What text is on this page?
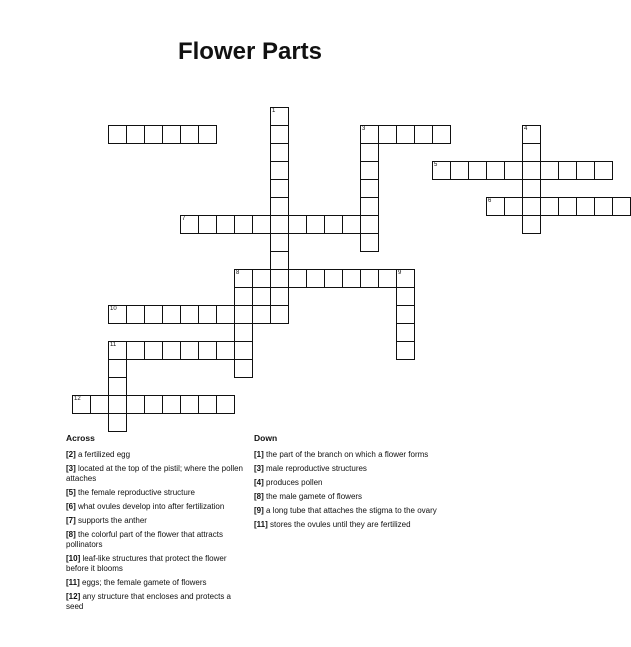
Flower Parts
1
3	4
5
6
7
8	9
10
11
12
Across
[2] a fertilized egg
[3] located at the top of the pistil; where the pollen attaches
[5] the female reproductive structure
[6] what ovules develop into after fertilization
[7] supports the anther
[8] the colorful part of the flower that attracts pollinators
[10] leaf-like structures that protect the flower before it blooms
[11] eggs; the female gamete of flowers
[12] any structure that encloses and protects a seed
Down
[1] the part of the branch on which a flower forms
[3] male reproductive structures
[4] produces pollen
[8] the male gamete of flowers
[9] a long tube that attaches the stigma to the ovary
[11] stores the ovules until they are fertilized
